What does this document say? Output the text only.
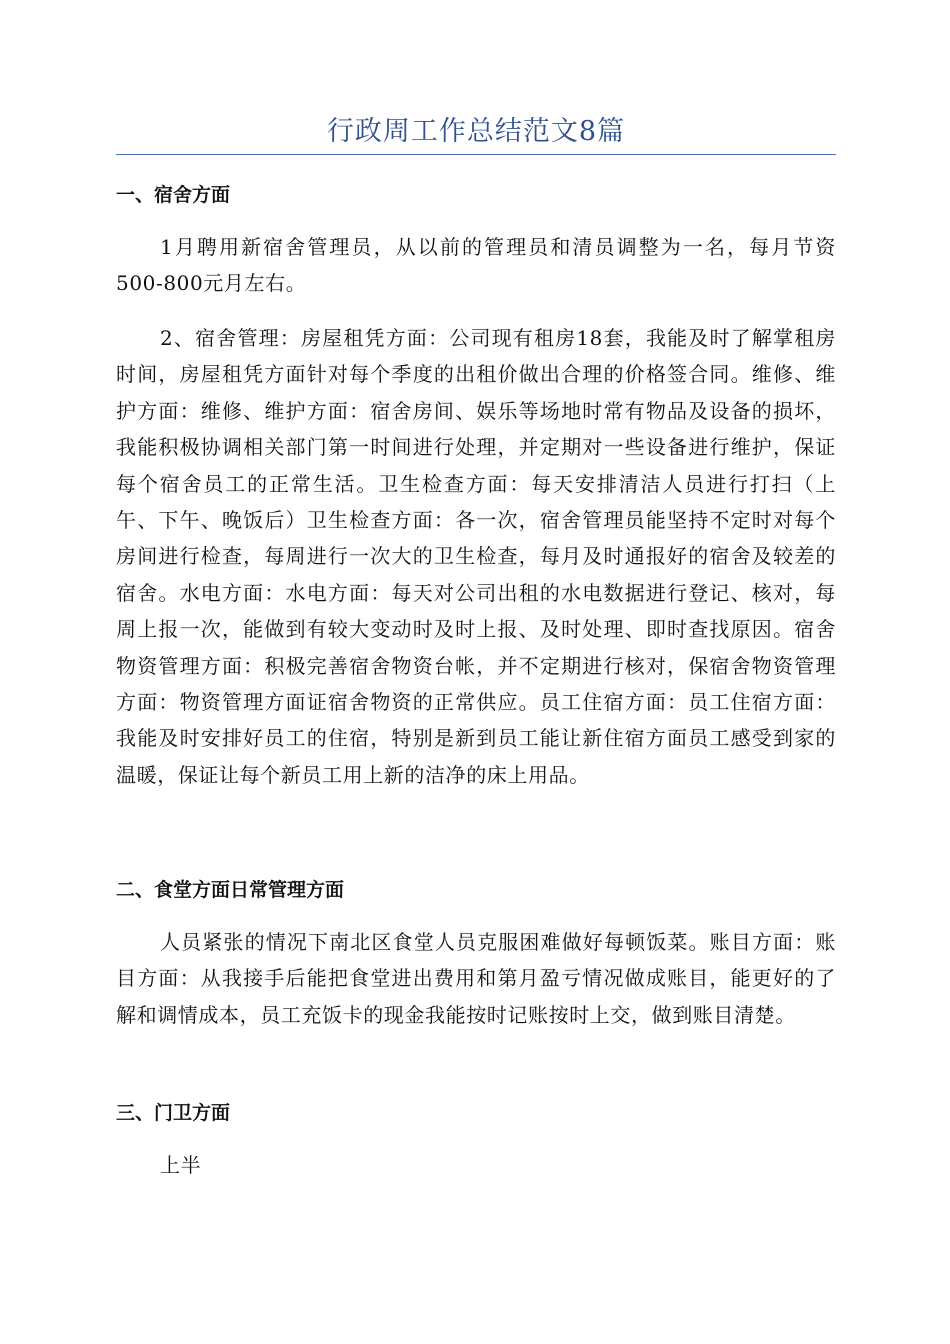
行政周工作总结范文8篇
一、宿舍方面

1月聘用新宿舍管理员，从以前的管理员和清员调整为一名，每月节资500-800元月左右。

2、宿舍管理：房屋租凭方面：公司现有租房18套，我能及时了解掌租房时间，房屋租凭方面针对每个季度的出租价做出合理的价格签合同。维修、维护方面：维修、维护方面：宿舍房间、娱乐等场地时常有物品及设备的损坏，我能积极协调相关部门第一时间进行处理，并定期对一些设备进行维护，保证每个宿舍员工的正常生活。卫生检查方面：每天安排清洁人员进行打扫（上午、下午、晚饭后）卫生检查方面：各一次，宿舍管理员能坚持不定时对每个房间进行检查，每周进行一次大的卫生检查，每月及时通报好的宿舍及较差的宿舍。水电方面：水电方面：每天对公司出租的水电数据进行登记、核对，每周上报一次，能做到有较大变动时及时上报、及时处理、即时查找原因。宿舍物资管理方面：积极完善宿舍物资台帐，并不定期进行核对，保宿舍物资管理方面：物资管理方面证宿舍物资的正常供应。员工住宿方面：员工住宿方面：我能及时安排好员工的住宿，特别是新到员工能让新住宿方面员工感受到家的温暖，保证让每个新员工用上新的洁净的床上用品。

二、食堂方面日常管理方面

人员紧张的情况下南北区食堂人员克服困难做好每顿饭菜。账目方面：账目方面：从我接手后能把食堂进出费用和第月盈亏情况做成账目，能更好的了解和调情成本，员工充饭卡的现金我能按时记账按时上交，做到账目清楚。

三、门卫方面

上半
